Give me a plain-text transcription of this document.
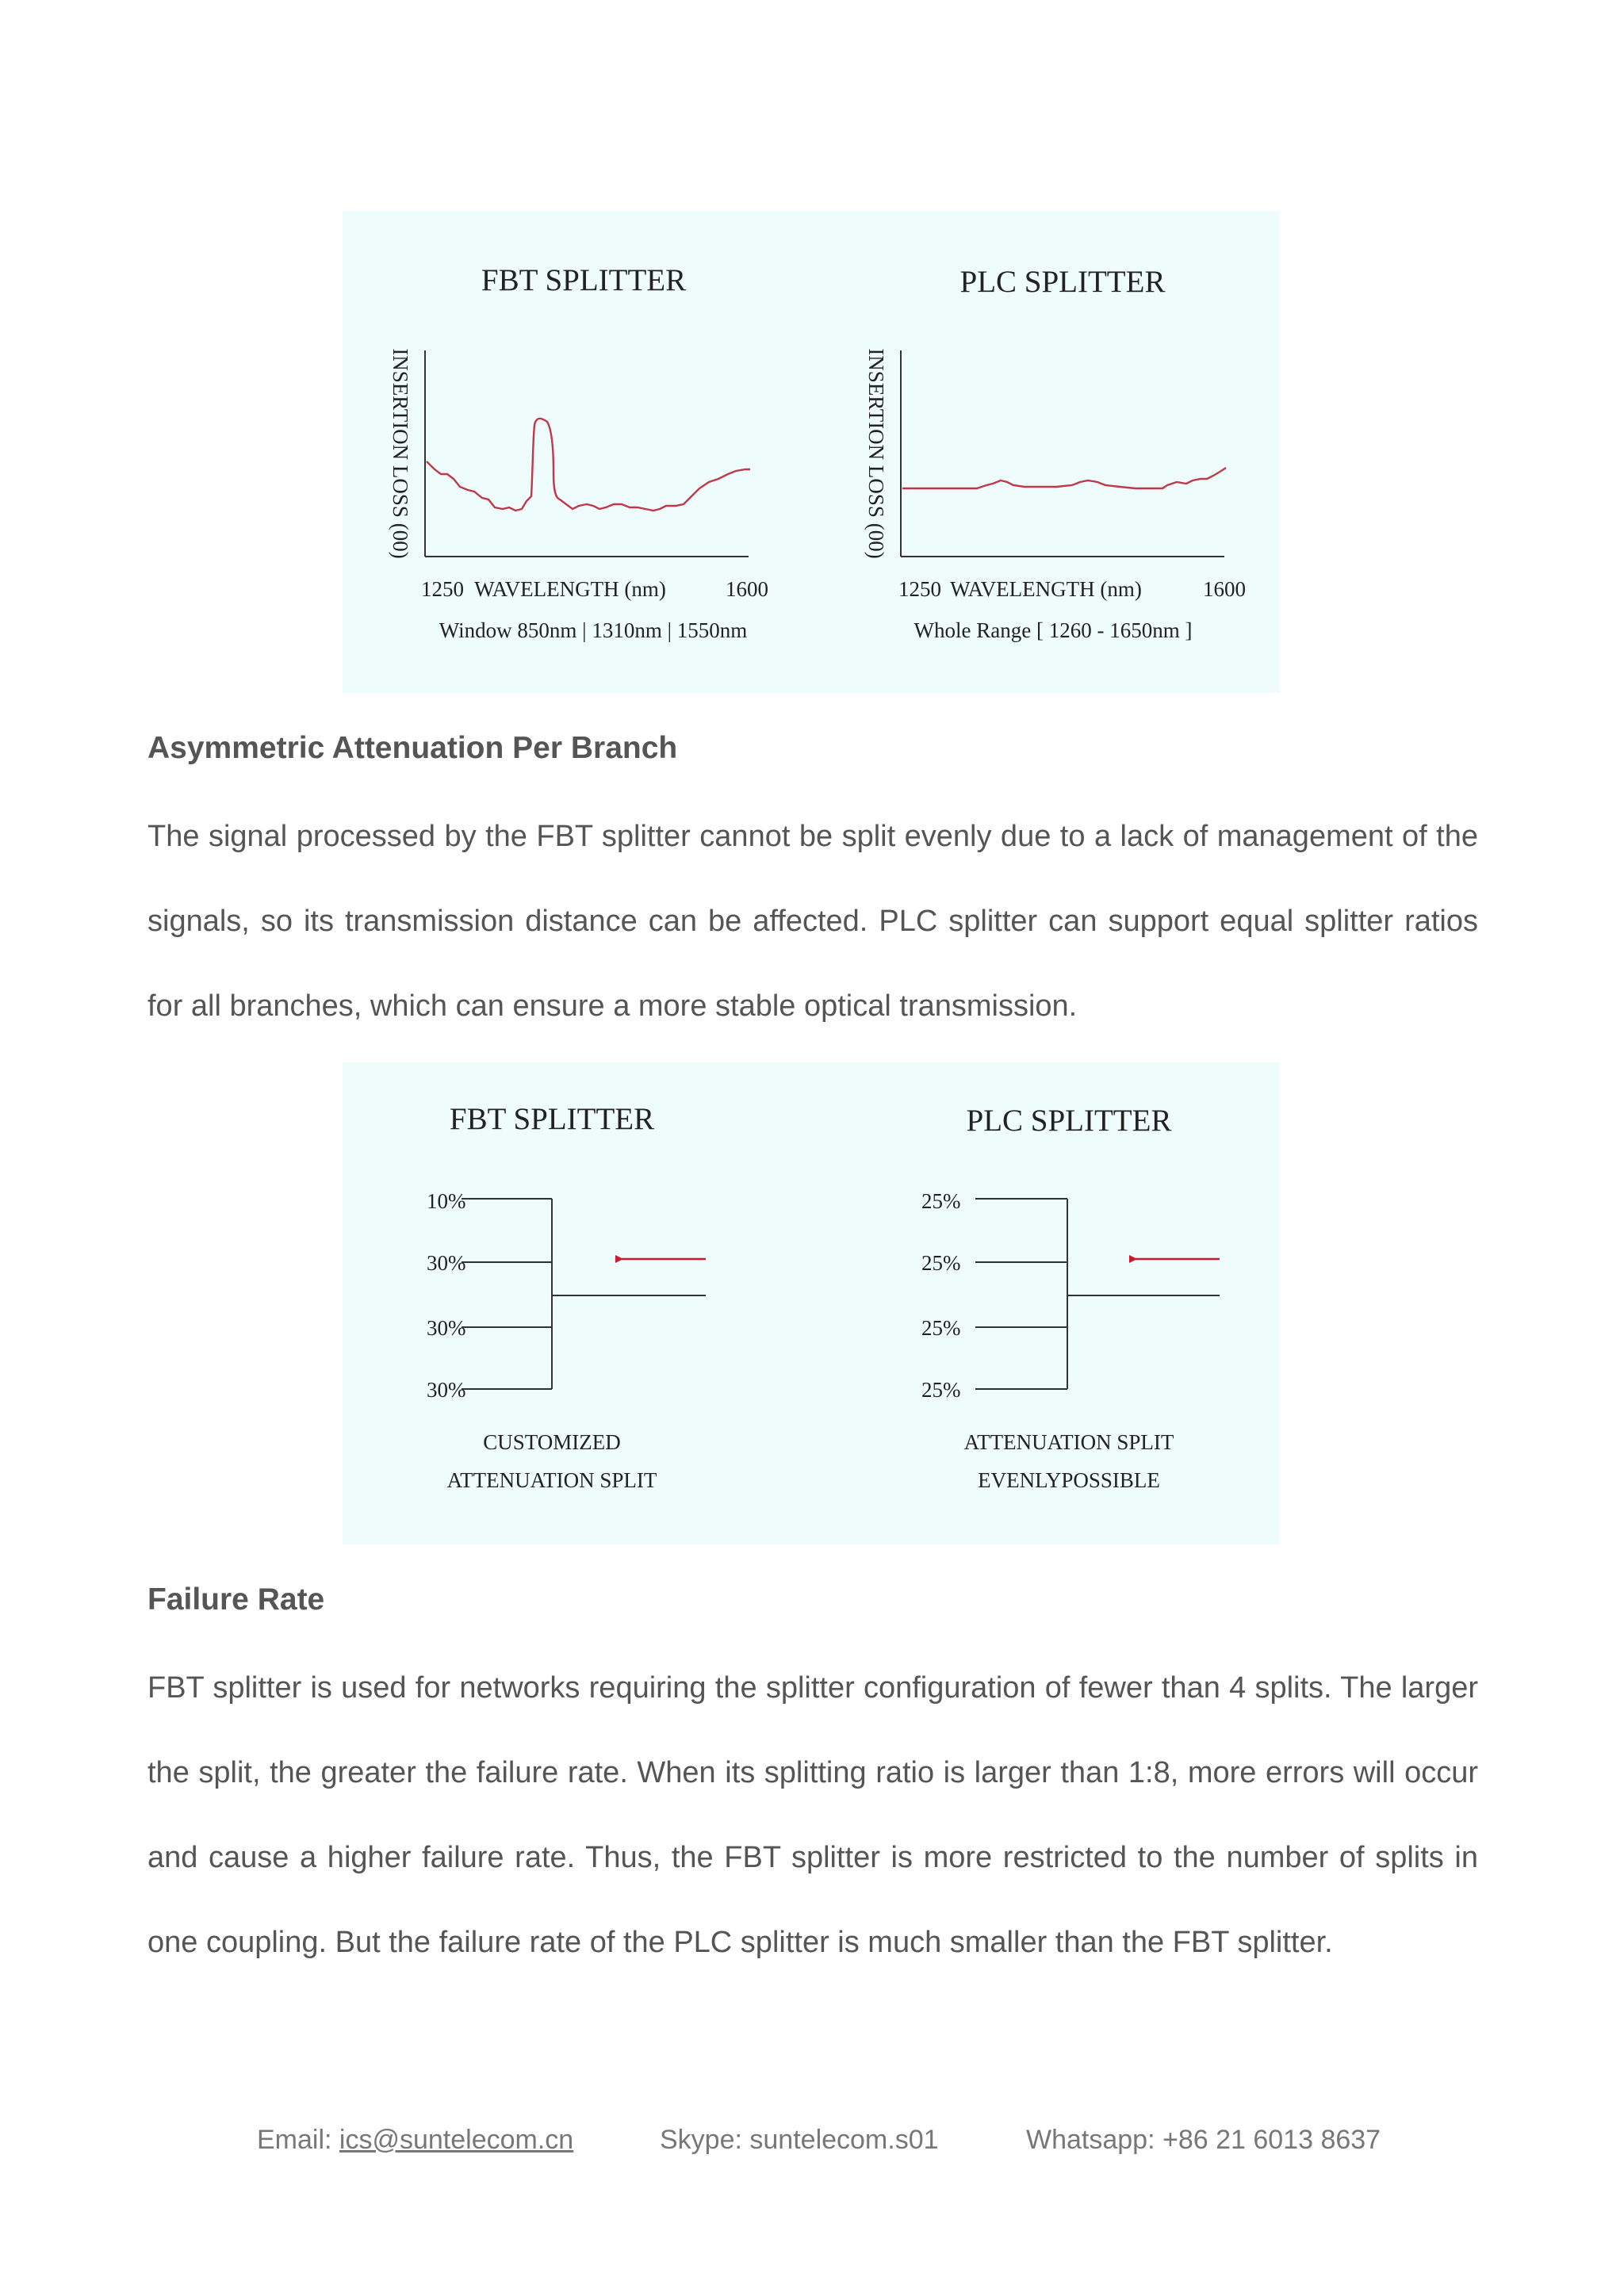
FBT SPLITTER
INSERTION LOSS (00)
1250 WAVELENGTH (nm)	1600
Window 850nm | 1310nm | 1550nm
PLC SPLITTER
INSERTION LOSS (00)
1250 WAVELENGTH (nm)	1600
Whole Range [ 1260 - 1650nm ]
Asymmetric Attenuation Per Branch

The signal processed by the FBT splitter cannot be split evenly due to a lack of management of the signals, so its transmission distance can be affected. PLC splitter can support equal splitter ratios for all branches, which can ensure a more stable optical transmission.

FBT SPLITTER
10%
30%
30%
30%
CUSTOMIZED
ATTENUATION SPLIT
PLC SPLITTER
25%
25%
25%
25%
ATTENUATION SPLIT
EVENLYPOSSIBLE
Failure Rate

FBT splitter is used for networks requiring the splitter configuration of fewer than 4 splits. The larger the split, the greater the failure rate. When its splitting ratio is larger than 1:8, more errors will occur and cause a higher failure rate. Thus, the FBT splitter is more restricted to the number of splits in one coupling. But the failure rate of the PLC splitter is much smaller than the FBT splitter.

Email: ics@suntelecom.cn	Skype: suntelecom.s01	Whatsapp: +86 21 6013 8637
